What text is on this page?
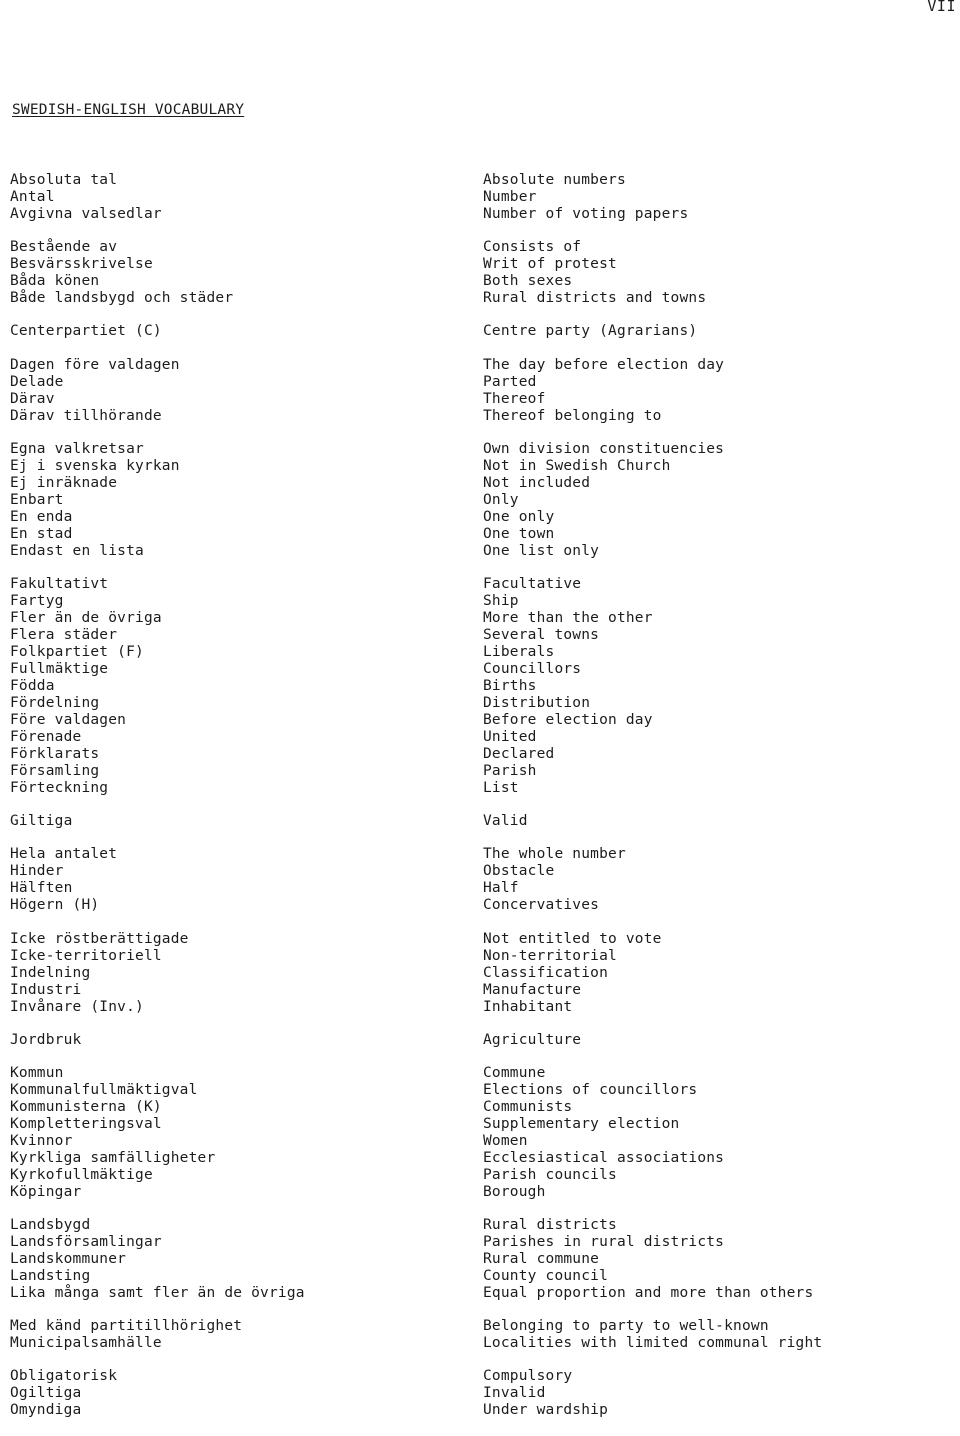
VII
SWEDISH-ENGLISH VOCABULARY
Absoluta tal
Antal
Avgivna valsedlar
Bestående av
Besvärsskrivelse
Båda könen
Både landsbygd och städer
Centerpartiet (C)
Dagen före valdagen
Delade
Därav
Därav tillhörande
Egna valkretsar
Ej i svenska kyrkan
Ej inräknade
Enbart
En enda
En stad
Endast en lista
Fakultativt
Fartyg
Fler än de övriga
Flera städer
Folkpartiet (F)
Fullmäktige
Födda
Fördelning
Före valdagen
Förenade
Förklarats
Församling
Förteckning
Giltiga
Hela antalet
Hinder
Hälften
Högern (H)
Icke röstberättigade
Icke-territoriell
Indelning
Industri
Invånare (Inv.)
Jordbruk
Kommun
Kommunalfullmäktigval
Kommunisterna (K)
Kompletteringsval
Kvinnor
Kyrkliga samfälligheter
Kyrkofullmäktige
Köpingar
Landsbygd
Landsförsamlingar
Landskommuner
Landsting
Lika många samt fler än de övriga
Med känd partitillhörighet
Municipalsamhälle
Obligatorisk
Ogiltiga
Omyndiga
Absolute numbers
Number
Number of voting papers
Consists of
Writ of protest
Both sexes
Rural districts and towns
Centre party (Agrarians)
The day before election day
Parted
Thereof
Thereof belonging to
Own division constituencies
Not in Swedish Church
Not included
Only
One only
One town
One list only
Facultative
Ship
More than the other
Several towns
Liberals
Councillors
Births
Distribution
Before election day
United
Declared
Parish
List
Valid
The whole number
Obstacle
Half
Concervatives
Not entitled to vote
Non-territorial
Classification
Manufacture
Inhabitant
Agriculture
Commune
Elections of councillors
Communists
Supplementary election
Women
Ecclesiastical associations
Parish councils
Borough
Rural districts
Parishes in rural districts
Rural commune
County council
Equal proportion and more than others
Belonging to party to well-known
Localities with limited communal right
Compulsory
Invalid
Under wardship
